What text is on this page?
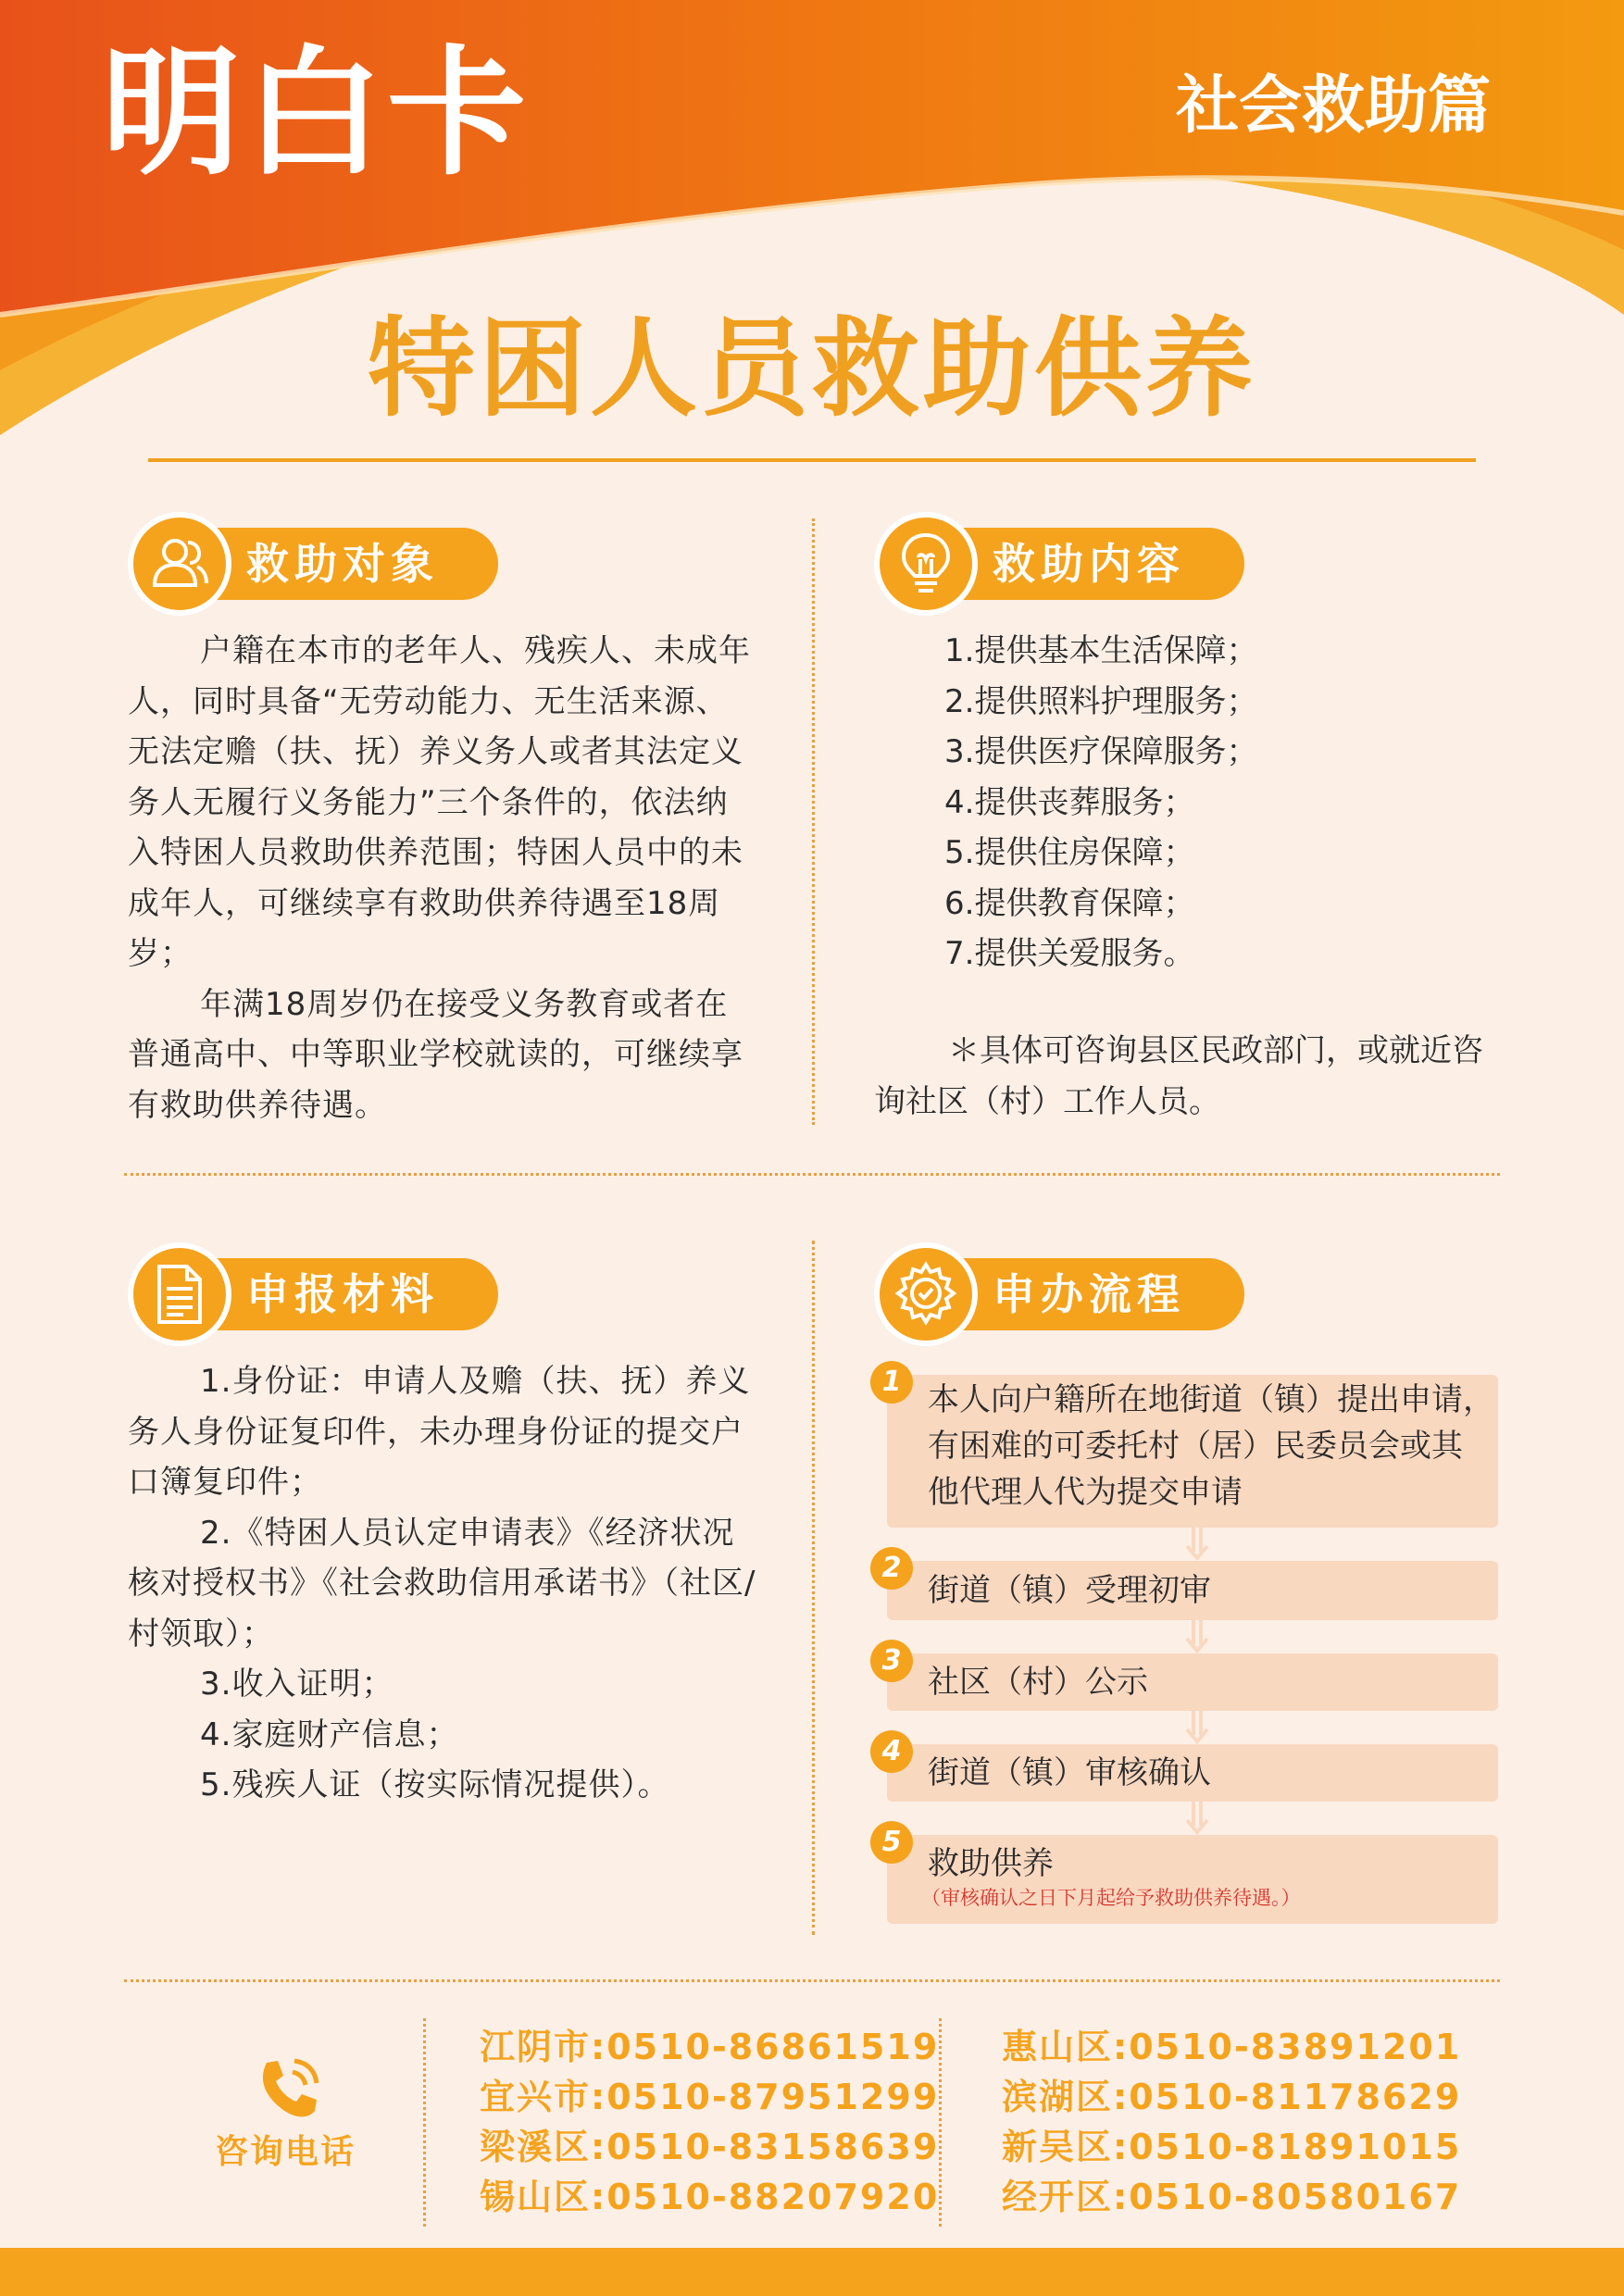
明白卡	社会救助篇
特困人员救助供养
救助对象
户籍在本市的老年人、残疾人、未成年人，同时具备“无劳动能力、无生活来源、无法定赡（扶、抚）养义务人或者其法定义务人无履行义务能力”三个条件的，依法纳入特困人员救助供养范围；特困人员中的未成年人，可继续享有救助供养待遇至18周岁；
年满18周岁仍在接受义务教育或者在普通高中、中等职业学校就读的，可继续享有救助供养待遇。
救助内容
1.提供基本生活保障；
2.提供照料护理服务；
3.提供医疗保障服务；
4.提供丧葬服务；
5.提供住房保障；
6.提供教育保障；
7.提供关爱服务。
＊具体可咨询县区民政部门，或就近咨询社区（村）工作人员。
申报材料
1.身份证：申请人及赡（扶、抚）养义务人身份证复印件，未办理身份证的提交户口簿复印件；
2.《特困人员认定申请表》《经济状况核对授权书》《社会救助信用承诺书》（社区/村领取）；
3.收入证明；
4.家庭财产信息；
5.残疾人证（按实际情况提供）。
申办流程
1 本人向户籍所在地街道（镇）提出申请，
有困难的可委托村（居）民委员会或其
他代理人代为提交申请
2
街道（镇）受理初审
3
社区（村）公示
4
街道（镇）审核确认
5
救助供养
（审核确认之日下月起给予救助供养待遇。）
咨询电话
江阴市:0510-86861519
宜兴市:0510-87951299
梁溪区:0510-83158639
锡山区:0510-88207920
惠山区:0510-83891201
滨湖区:0510-81178629
新吴区:0510-81891015
经开区:0510-80580167
